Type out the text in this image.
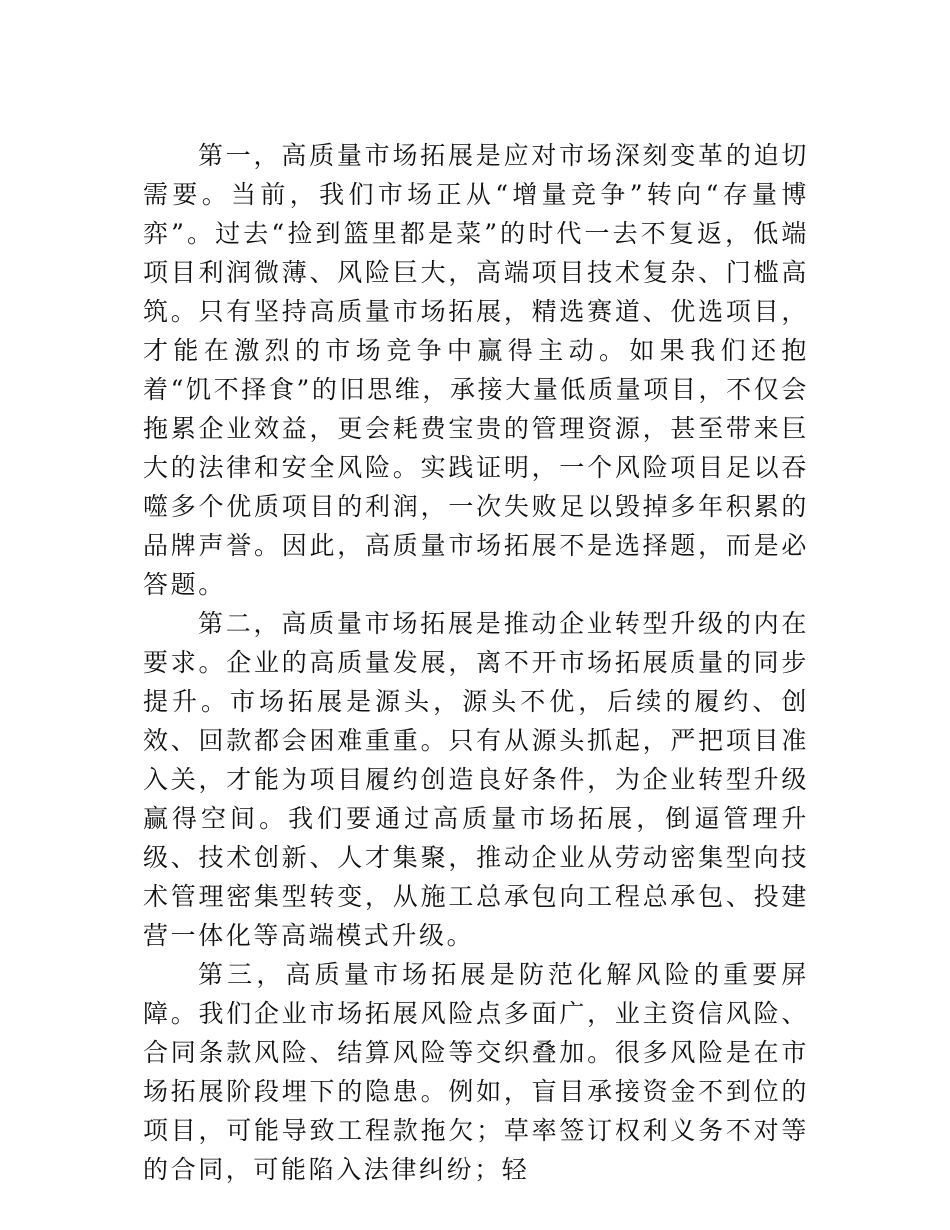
第一，高质量市场拓展是应对市场深刻变革的迫切需要。当前，我们市场正从“增量竞争”转向“存量博弈”。过去“捡到篮里都是菜”的时代一去不复返，低端项目利润微薄、风险巨大，高端项目技术复杂、门槛高筑。只有坚持高质量市场拓展，精选赛道、优选项目，才能在激烈的市场竞争中赢得主动。如果我们还抱着“饥不择食”的旧思维，承接大量低质量项目，不仅会拖累企业效益，更会耗费宝贵的管理资源，甚至带来巨大的法律和安全风险。实践证明，一个风险项目足以吞噬多个优质项目的利润，一次失败足以毁掉多年积累的品牌声誉。因此，高质量市场拓展不是选择题，而是必答题。

第二，高质量市场拓展是推动企业转型升级的内在要求。企业的高质量发展，离不开市场拓展质量的同步提升。市场拓展是源头，源头不优，后续的履约、创效、回款都会困难重重。只有从源头抓起，严把项目准入关，才能为项目履约创造良好条件，为企业转型升级赢得空间。我们要通过高质量市场拓展，倒逼管理升级、技术创新、人才集聚，推动企业从劳动密集型向技术管理密集型转变，从施工总承包向工程总承包、投建营一体化等高端模式升级。

第三，高质量市场拓展是防范化解风险的重要屏障。我们企业市场拓展风险点多面广，业主资信风险、合同条款风险、结算风险等交织叠加。很多风险是在市场拓展阶段埋下的隐患。例如，盲目承接资金不到位的项目，可能导致工程款拖欠；草率签订权利义务不对等的合同，可能陷入法律纠纷；轻
